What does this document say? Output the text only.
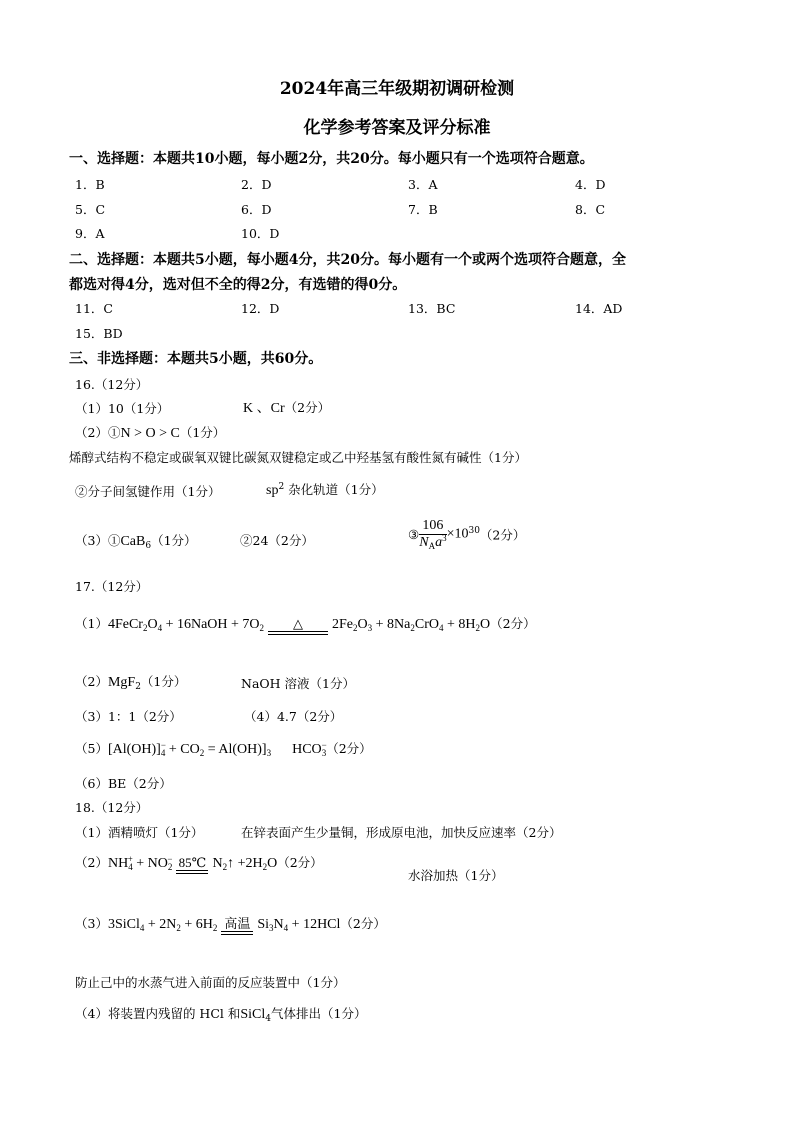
2024年高三年级期初调研检测
化学参考答案及评分标准
一、选择题：本题共10小题，每小题2分，共20分。每小题只有一个选项符合题意。
1．B	2．D	3．A	4．D
5．C	6．D	7．B	8．C
9．A	10．D
二、选择题：本题共5小题，每小题4分，共20分。每小题有一个或两个选项符合题意，全
都选对得4分，选对但不全的得2分，有选错的得0分。
11．C	12．D	13．BC	14．AD
15．BD
三、非选择题：本题共5小题，共60分。
16.（12分）
（1）10（1分）	K 、Cr（2分）
（2）①N > O > C（1分）
烯醇式结构不稳定或碳氧双键比碳氮双键稳定或乙中羟基氢有酸性氮有碱性（1分）
②分子间氢键作用（1分）	$sp^2$ 杂化轨道（1分）
（3）①CaB$_6$（1分）	②24（2分）	③ $\frac{106}{N_Aa^3} \times 10^{30}(2$分）
17.（12分）
$(1)4FeCr_2O_4$ + 16NaOH + $7O_2$	△	$2Fe_2O_3 + 8Na_2CrO_4 + 8H_2O(2$分）
（2）MgF$_2$（1分）	NaOH 溶液（1分）
（3）1：1（2分）	（4）4.7（2分）
$(5)[Al(OH)]^-_4 + CO_2 = Al(OH)]_3$      $HCO^-_3(2$分）
（6）BE（2分）
18.（12分）
（1）酒精喷灯（1分）	在锌表面产生少量铜，形成原电池，加快反应速率（2分）
$(2)NH_4^+ + NO_2^-$ 85℃ $N_2↑ +2H_2O(2$分）
水浴加热（1分）
（3）3SiCl$_4$ + $2N_2 + 6H_2$ 高温 $Si_3N_4 + 12HCl(2$分）
防止己中的水蒸气进入前面的反应装置中（1分）
（4）将装置内残留的 HCl 和SiCl$_4$气体排出（1分）
